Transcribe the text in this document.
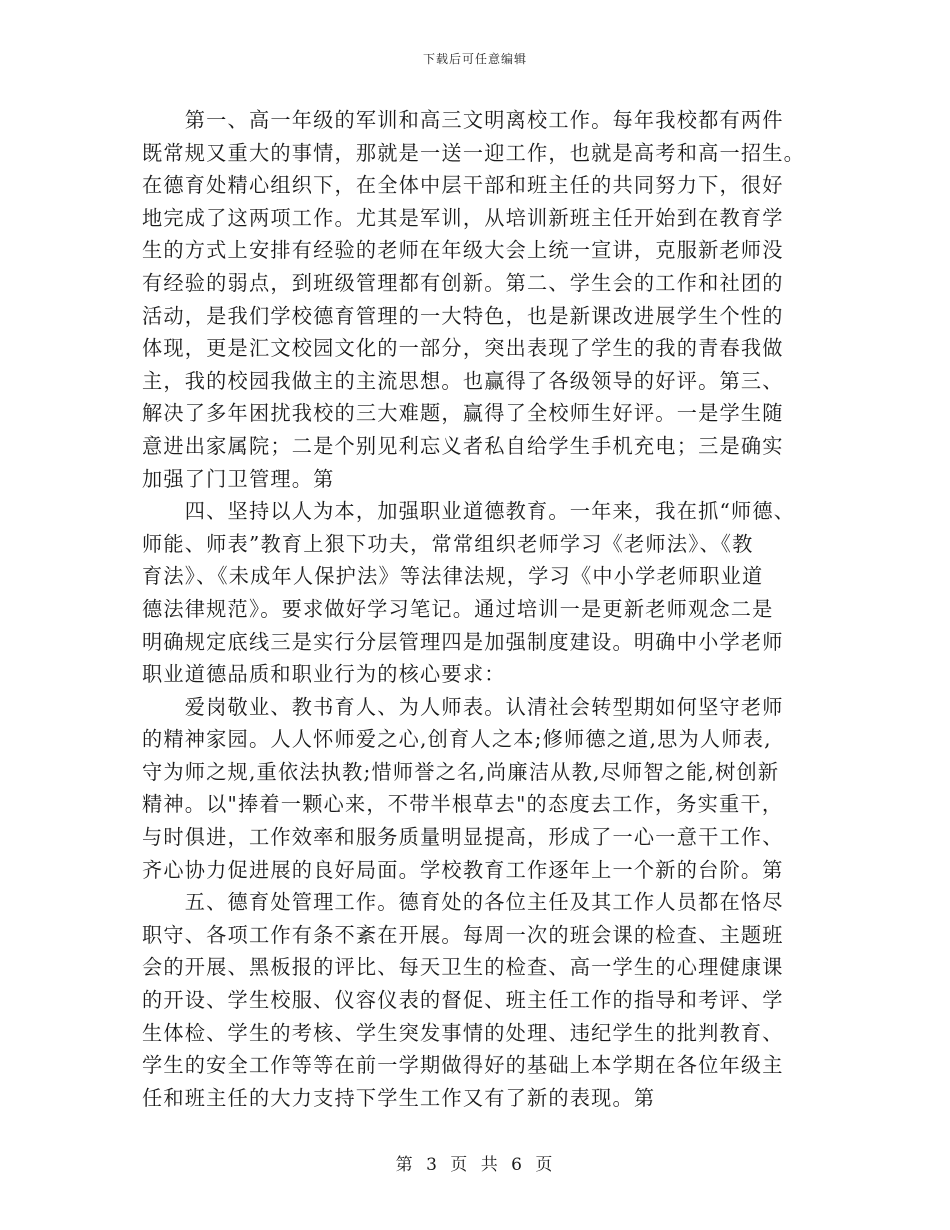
下载后可任意编辑
　　第一、高一年级的军训和高三文明离校工作。每年我校都有两件
既常规又重大的事情，那就是一送一迎工作，也就是高考和高一招生。
在德育处精心组织下，在全体中层干部和班主任的共同努力下，很好
地完成了这两项工作。尤其是军训，从培训新班主任开始到在教育学
生的方式上安排有经验的老师在年级大会上统一宣讲，克服新老师没
有经验的弱点，到班级管理都有创新。第二、学生会的工作和社团的
活动，是我们学校德育管理的一大特色，也是新课改进展学生个性的
体现，更是汇文校园文化的一部分，突出表现了学生的我的青春我做
主，我的校园我做主的主流思想。也赢得了各级领导的好评。第三、
解决了多年困扰我校的三大难题，赢得了全校师生好评。一是学生随
意进出家属院；二是个别见利忘义者私自给学生手机充电；三是确实
加强了门卫管理。第
　　四、坚持以人为本，加强职业道德教育。一年来，我在抓“师德、
师能、师表”教育上狠下功夫，常常组织老师学习《老师法》、《教
育法》、《未成年人保护法》等法律法规，学习《中小学老师职业道
德法律规范》。要求做好学习笔记。通过培训一是更新老师观念二是
明确规定底线三是实行分层管理四是加强制度建设。明确中小学老师
职业道德品质和职业行为的核心要求：
　　爱岗敬业、教书育人、为人师表。认清社会转型期如何坚守老师
的精神家园。人人怀师爱之心,创育人之本;修师德之道,思为人师表,
守为师之规,重依法执教;惜师誉之名,尚廉洁从教,尽师智之能,树创新
精神。以"捧着一颗心来，不带半根草去"的态度去工作，务实重干，
与时俱进，工作效率和服务质量明显提高，形成了一心一意干工作、
齐心协力促进展的良好局面。学校教育工作逐年上一个新的台阶。第
　　五、德育处管理工作。德育处的各位主任及其工作人员都在恪尽
职守、各项工作有条不紊在开展。每周一次的班会课的检查、主题班
会的开展、黑板报的评比、每天卫生的检查、高一学生的心理健康课
的开设、学生校服、仪容仪表的督促、班主任工作的指导和考评、学
生体检、学生的考核、学生突发事情的处理、违纪学生的批判教育、
学生的安全工作等等在前一学期做得好的基础上本学期在各位年级主
任和班主任的大力支持下学生工作又有了新的表现。第
第 3 页 共 6 页
